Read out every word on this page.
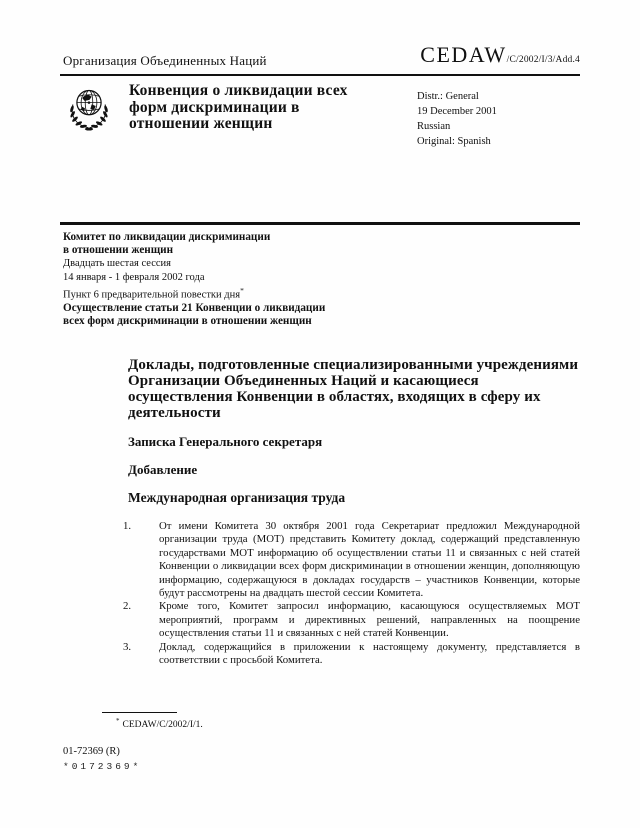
Организация Объединенных Наций	CEDAW/C/2002/I/3/Add.4
Конвенция о ликвидации всех
форм дискриминации в
отношении женщин
Distr.: General
19 December 2001
Russian
Original: Spanish
Комитет по ликвидации дискриминации
в отношении женщин
Двадцать шестая сессия
14 января - 1 февраля 2002 года
Пункт 6 предварительной повестки дня*
Осуществление статьи 21 Конвенции о ликвидации
всех форм дискриминации в отношении женщин
Доклады, подготовленные специализированными учреждениями
Организации Объединенных Наций и касающиеся
осуществления Конвенции в областях, входящих в сферу их
деятельности
Записка Генерального секретаря
Добавление
Международная организация труда
1.	От имени Комитета 30 октября 2001 года Секретариат предложил Международной организации труда (МОТ) представить Комитету доклад, содержащий представленную государствами МОТ информацию об осуществлении статьи 11 и связанных с ней статей Конвенции о ликвидации всех форм дискриминации в отношении женщин, дополняющую информацию, содержащуюся в докладах государств – участников Конвенции, которые будут рассмотрены на двадцать шестой сессии Комитета.
2.	Кроме того, Комитет запросил информацию, касающуюся осуществляемых МОТ мероприятий, программ и директивных решений, направленных на поощрение осуществления статьи 11 и связанных с ней статей Конвенции.
3.	Доклад, содержащийся в приложении к настоящему документу, представляется в соответствии с просьбой Комитета.
* CEDAW/C/2002/I/1.
01-72369 (R)
*0172369*
